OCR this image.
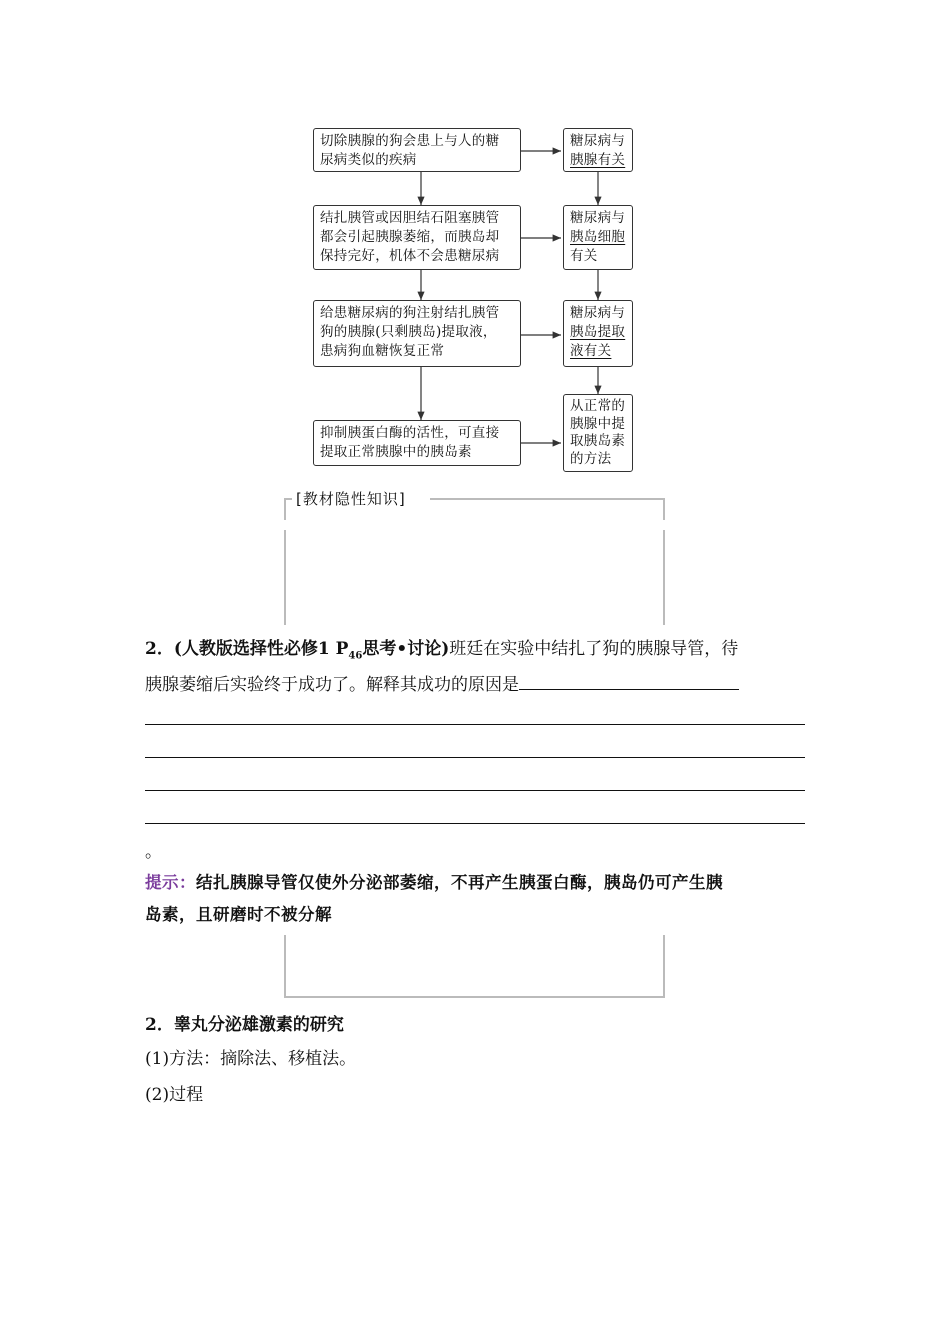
切除胰腺的狗会患上与人的糖
尿病类似的疾病
结扎胰管或因胆结石阻塞胰管
都会引起胰腺萎缩，而胰岛却
保持完好，机体不会患糖尿病
给患糖尿病的狗注射结扎胰管
狗的胰腺(只剩胰岛)提取液，
患病狗血糖恢复正常
抑制胰蛋白酶的活性，可直接
提取正常胰腺中的胰岛素
糖尿病与
胰腺有关
糖尿病与
胰岛细胞
有关
糖尿病与
胰岛提取
液有关
从正常的
胰腺中提
取胰岛素
的方法
[教材隐性知识]
2．(人教版选择性必修1 $P_{46}$思考•讨论)班廷在实验中结扎了狗的胰腺导管，待
胰腺萎缩后实验终于成功了。解释其成功的原因是
。
提示：结扎胰腺导管仅使外分泌部萎缩，不再产生胰蛋白酶，胰岛仍可产生胰
岛素，且研磨时不被分解
2．睾丸分泌雄激素的研究
(1)方法：摘除法、移植法。
(2)过程
